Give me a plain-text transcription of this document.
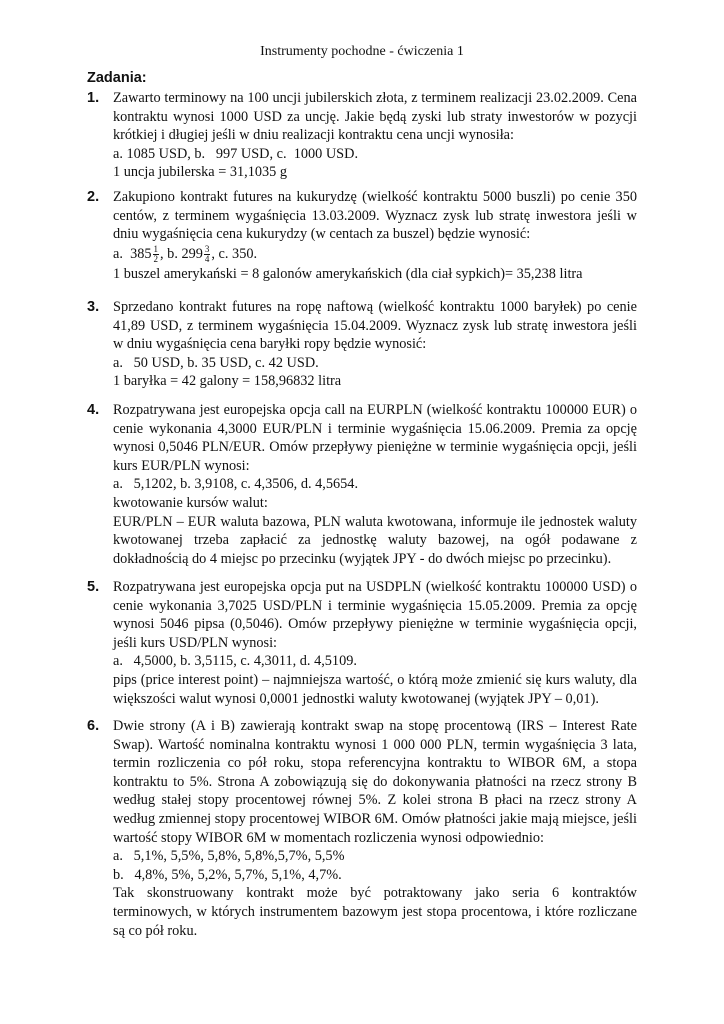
Instrumenty pochodne - ćwiczenia 1
Zadania:
1. Zawarto terminowy na 100 uncji jubilerskich złota, z terminem realizacji 23.02.2009. Cena kontraktu wynosi 1000 USD za uncję. Jakie będą zyski lub straty inwestorów w pozycji krótkiej i długiej jeśli w dniu realizacji kontraktu cena uncji wynosiła:

a. 1085 USD, b.   997 USD, c.  1000 USD.

1 uncja jubilerska = 31,1035 g

2. Zakupiono kontrakt futures na kukurydzę (wielkość kontraktu 5000 buszli) po cenie 350 centów, z terminem wygaśnięcia 13.03.2009. Wyznacz zysk lub stratę inwestora jeśli w dniu wygaśnięcia cena kukurydzy (w centach za buszel) będzie wynosić:

a.  $385 \frac{1}{2}$ , b. $299 \frac{3}{4}$ , c. 350.

1 buszel amerykański = 8 galonów amerykańskich (dla ciał sypkich)= 35,238 litra

3. Sprzedano kontrakt futures na ropę naftową (wielkość kontraktu 1000 baryłek) po cenie 41,89 USD, z terminem wygaśnięcia 15.04.2009. Wyznacz zysk lub stratę inwestora jeśli w dniu wygaśnięcia cena baryłki ropy będzie wynosić:

a.   50 USD, b. 35 USD, c. 42 USD.

1 baryłka = 42 galony = 158,96832 litra

4. Rozpatrywana jest europejska opcja call na EURPLN (wielkość kontraktu 100000 EUR) o cenie wykonania 4,3000 EUR/PLN i terminie wygaśnięcia 15.06.2009. Premia za opcję wynosi 0,5046 PLN/EUR. Omów przepływy pieniężne w terminie wygaśnięcia opcji, jeśli kurs EUR/PLN wynosi:

a.   5,1202, b. 3,9108, c. 4,3506, d. 4,5654.

kwotowanie kursów walut:

EUR/PLN – EUR waluta bazowa, PLN waluta kwotowana, informuje ile jednostek waluty kwotowanej trzeba zapłacić za jednostkę waluty bazowej, na ogół podawane z dokładnością do 4 miejsc po przecinku (wyjątek JPY - do dwóch miejsc po przecinku).

5. Rozpatrywana jest europejska opcja put na USDPLN (wielkość kontraktu 100000 USD) o cenie wykonania 3,7025 USD/PLN i terminie wygaśnięcia 15.05.2009. Premia za opcję wynosi 5046 pipsa (0,5046). Omów przepływy pieniężne w terminie wygaśnięcia opcji, jeśli kurs USD/PLN wynosi:

a.   4,5000, b. 3,5115, c. 4,3011, d. 4,5109.

pips (price interest point) – najmniejsza wartość, o którą może zmienić się kurs waluty, dla większości walut wynosi 0,0001 jednostki waluty kwotowanej (wyjątek JPY – 0,01).

6. Dwie strony (A i B) zawierają kontrakt swap na stopę procentową (IRS – Interest Rate Swap). Wartość nominalna kontraktu wynosi 1 000 000 PLN, termin wygaśnięcia 3 lata, termin rozliczenia co pół roku, stopa referencyjna kontraktu to WIBOR 6M, a stopa kontraktu to 5%. Strona A zobowiązują się do dokonywania płatności na rzecz strony B według stałej stopy procentowej równej 5%. Z kolei strona B płaci na rzecz strony A według zmiennej stopy procentowej WIBOR 6M. Omów płatności jakie mają miejsce, jeśli wartość stopy WIBOR 6M w momentach rozliczenia wynosi odpowiednio:

a.   5,1%, 5,5%, 5,8%, 5,8%,5,7%, 5,5%

b.   4,8%, 5%, 5,2%, 5,7%, 5,1%, 4,7%.

Tak skonstruowany kontrakt może być potraktowany jako seria 6 kontraktów terminowych, w których instrumentem bazowym jest stopa procentowa, i które rozliczane są co pół roku.
